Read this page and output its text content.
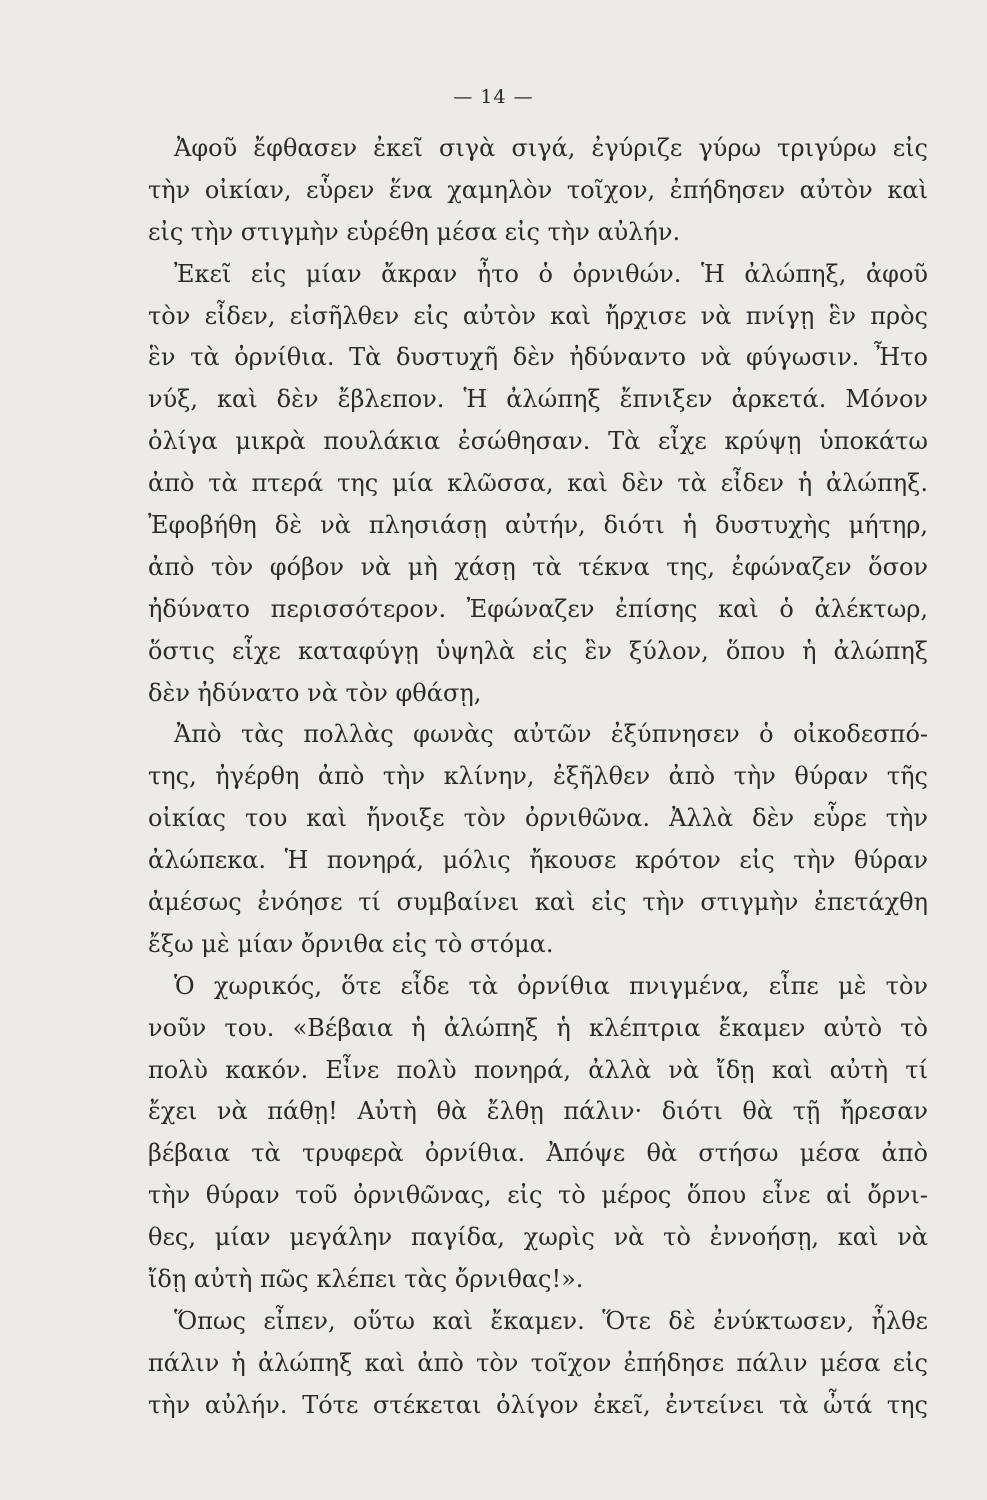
— 14 —
Ἀφοῦ ἔφθασεν ἐκεῖ σιγὰ σιγά, ἐγύριζε γύρω τριγύρω εἰς
τὴν οἰκίαν, εὗρεν ἕνα χαμηλὸν τοῖχον, ἐπήδησεν αὐτὸν καὶ
εἰς τὴν στιγμὴν εὑρέθη μέσα εἰς τὴν αὐλήν.
Ἐκεῖ εἰς μίαν ἄκραν ἦτο ὁ ὀρνιθών. Ἡ ἀλώπηξ, ἀφοῦ
τὸν εἶδεν, εἰσῆλθεν εἰς αὐτὸν καὶ ἤρχισε νὰ πνίγῃ ἓν πρὸς
ἓν τὰ ὀρνίθια. Τὰ δυστυχῆ δὲν ἠδύναντο νὰ φύγωσιν. Ἦτο
νύξ, καὶ δὲν ἔβλεπον. Ἡ ἀλώπηξ ἔπνιξεν ἀρκετά. Μόνον
ὀλίγα μικρὰ πουλάκια ἐσώθησαν. Τὰ εἶχε κρύψῃ ὑποκάτω
ἀπὸ τὰ πτερά της μία κλῶσσα, καὶ δὲν τὰ εἶδεν ἡ ἀλώπηξ.
Ἐφοβήθη δὲ νὰ πλησιάσῃ αὐτήν, διότι ἡ δυστυχὴς μήτηρ,
ἀπὸ τὸν φόβον νὰ μὴ χάσῃ τὰ τέκνα της, ἐφώναζεν ὅσον
ἠδύνατο περισσότερον. Ἐφώναζεν ἐπίσης καὶ ὁ ἀλέκτωρ,
ὅστις εἶχε καταφύγῃ ὑψηλὰ εἰς ἓν ξύλον, ὅπου ἡ ἀλώπηξ
δὲν ἠδύνατο νὰ τὸν φθάσῃ,
Ἀπὸ τὰς πολλὰς φωνὰς αὐτῶν ἐξύπνησεν ὁ οἰκοδεσπό-
της, ἠγέρθη ἀπὸ τὴν κλίνην, ἐξῆλθεν ἀπὸ τὴν θύραν τῆς
οἰκίας του καὶ ἤνοιξε τὸν ὀρνιθῶνα. Ἀλλὰ δὲν εὗρε τὴν
ἀλώπεκα. Ἡ πονηρά, μόλις ἤκουσε κρότον εἰς τὴν θύραν
ἀμέσως ἐνόησε τί συμβαίνει καὶ εἰς τὴν στιγμὴν ἐπετάχθη
ἔξω μὲ μίαν ὄρνιθα εἰς τὸ στόμα.
Ὁ χωρικός, ὅτε εἶδε τὰ ὀρνίθια πνιγμένα, εἶπε μὲ τὸν
νοῦν του. «Βέβαια ἡ ἀλώπηξ ἡ κλέπτρια ἔκαμεν αὐτὸ τὸ
πολὺ κακόν. Εἶνε πολὺ πονηρά, ἀλλὰ νὰ ἴδῃ καὶ αὐτὴ τί
ἔχει νὰ πάθῃ! Αὐτὴ θὰ ἔλθῃ πάλιν· διότι θὰ τῇ ἤρεσαν
βέβαια τὰ τρυφερὰ ὀρνίθια. Ἀπόψε θὰ στήσω μέσα ἀπὸ
τὴν θύραν τοῦ ὀρνιθῶνας, εἰς τὸ μέρος ὅπου εἶνε αἱ ὄρνι-
θες, μίαν μεγάλην παγίδα, χωρὶς νὰ τὸ ἐννοήσῃ, καὶ νὰ
ἴδῃ αὐτὴ πῶς κλέπει τὰς ὄρνιθας!».
Ὅπως εἶπεν, οὕτω καὶ ἔκαμεν. Ὅτε δὲ ἐνύκτωσεν, ἦλθε
πάλιν ἡ ἀλώπηξ καὶ ἀπὸ τὸν τοῖχον ἐπήδησε πάλιν μέσα εἰς
τὴν αὐλήν. Τότε στέκεται ὀλίγον ἐκεῖ, ἐντείνει τὰ ὦτά της
